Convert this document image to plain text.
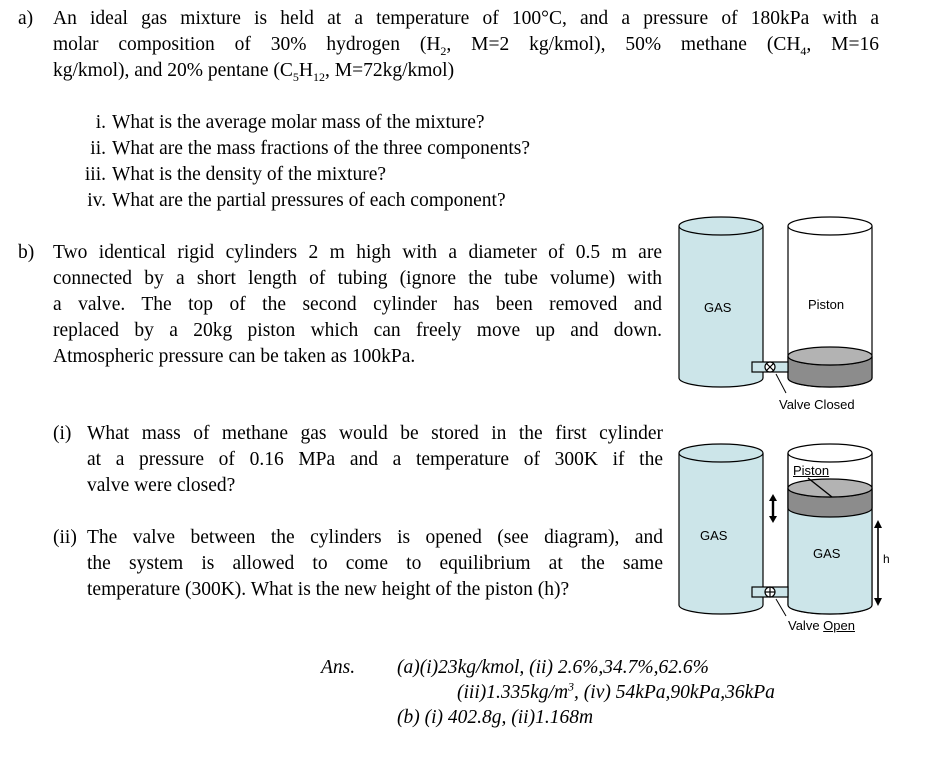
a) An ideal gas mixture is held at a temperature of 100°C, and a pressure of 180kPa with a
molar composition of 30% hydrogen ($H_2$, M=2 kg/kmol), 50% methane ($CH_4$, M=16
kg/kmol), and 20% pentane ($C_5H_{12}$, M=72kg/kmol)
i. What is the average molar mass of the mixture?
ii. What are the mass fractions of the three components?
iii. What is the density of the mixture?
iv. What are the partial pressures of each component?
b) Two identical rigid cylinders 2 m high with a diameter of 0.5 m are
connected by a short length of tubing (ignore the tube volume) with
a valve. The top of the second cylinder has been removed and
replaced by a 20kg piston which can freely move up and down.
Atmospheric pressure can be taken as 100kPa.
(i) What mass of methane gas would be stored in the first cylinder
at a pressure of 0.16 MPa and a temperature of 300K if the
valve were closed?
(ii) The valve between the cylinders is opened (see diagram), and
the system is allowed to come to equilibrium at the same
temperature (300K). What is the new height of the piston (h)?
GAS	Piston
Valve Closed
GAS
Piston
GAS	h
Valve Open
Ans. (a)(i)23kg/kmol, (ii) 2.6%,34.7%,62.6%
$(iii)1.335kg/m^3$, (iv) 54kPa,90kPa,36kPa
(b) (i) 402.8g, (ii)1.168m
